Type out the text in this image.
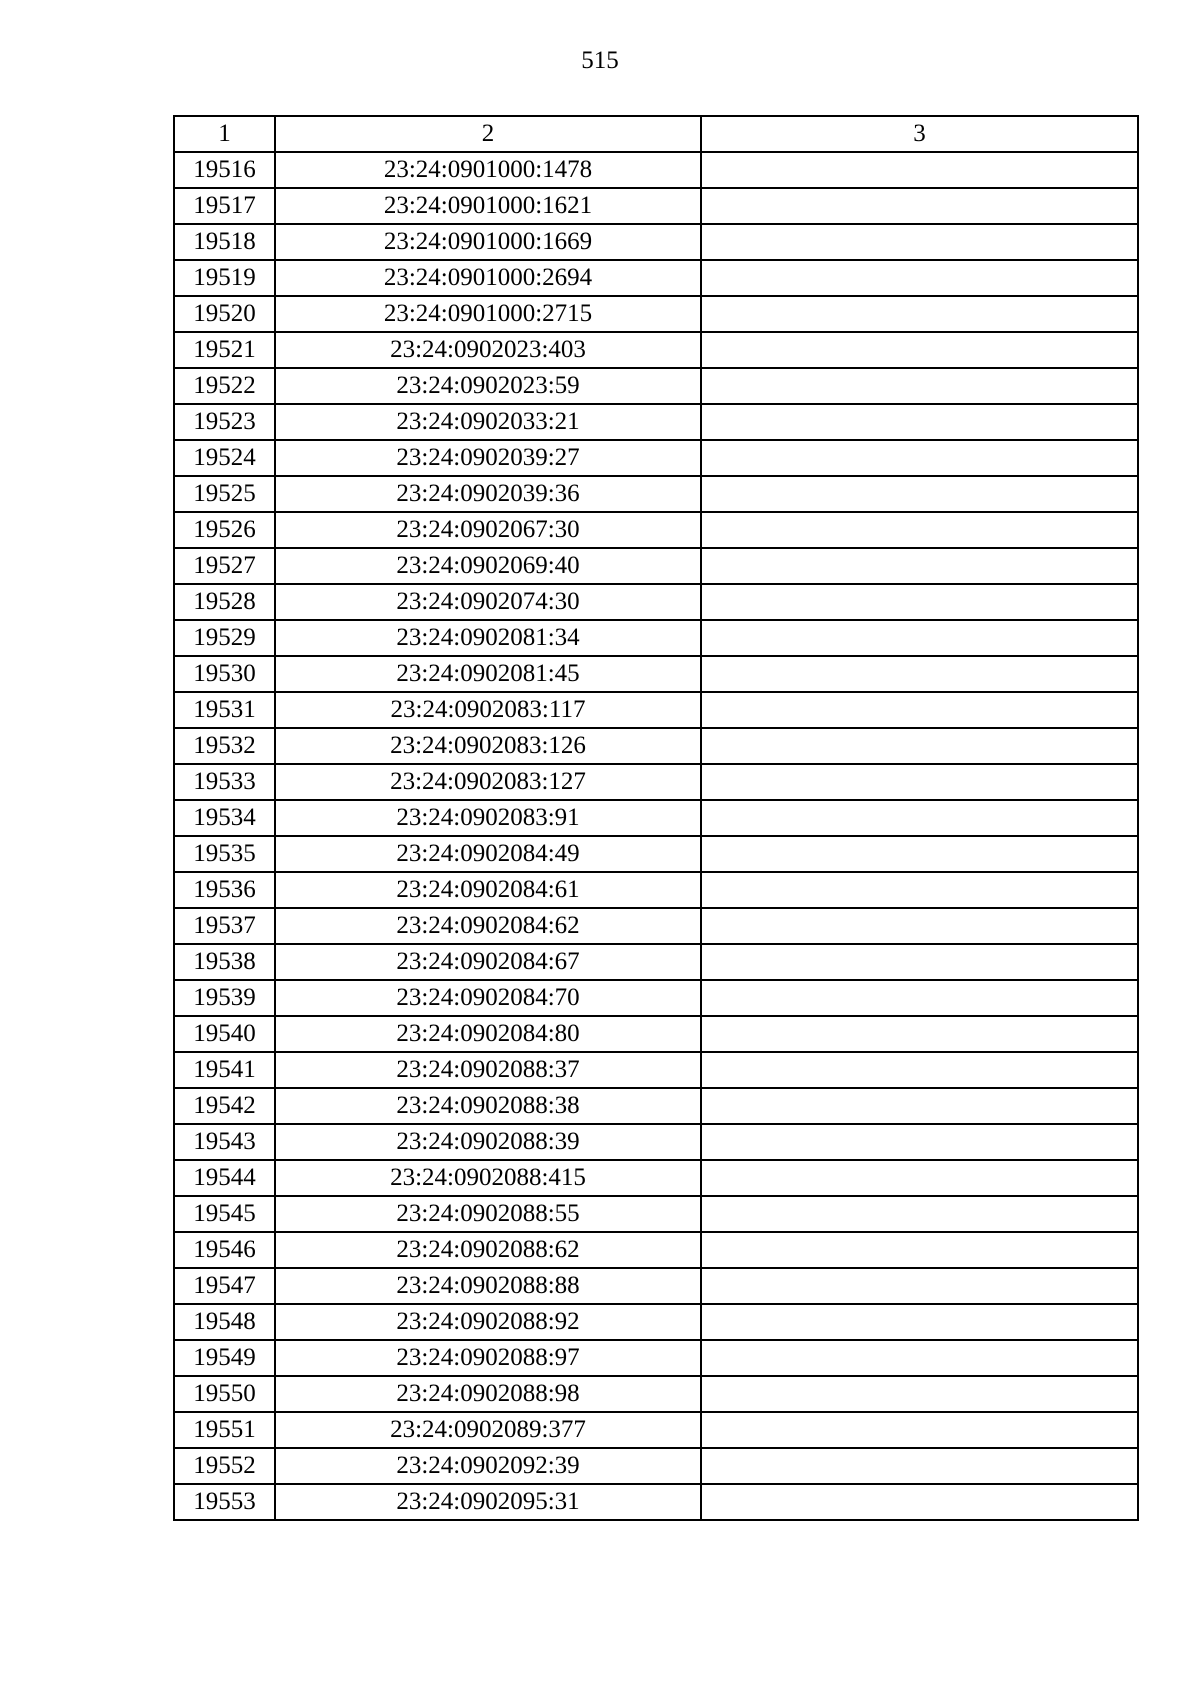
515
1	2	3
19516	23:24:0901000:1478	
19517	23:24:0901000:1621	
19518	23:24:0901000:1669	
19519	23:24:0901000:2694	
19520	23:24:0901000:2715	
19521	23:24:0902023:403	
19522	23:24:0902023:59	
19523	23:24:0902033:21	
19524	23:24:0902039:27	
19525	23:24:0902039:36	
19526	23:24:0902067:30	
19527	23:24:0902069:40	
19528	23:24:0902074:30	
19529	23:24:0902081:34	
19530	23:24:0902081:45	
19531	23:24:0902083:117	
19532	23:24:0902083:126	
19533	23:24:0902083:127	
19534	23:24:0902083:91	
19535	23:24:0902084:49	
19536	23:24:0902084:61	
19537	23:24:0902084:62	
19538	23:24:0902084:67	
19539	23:24:0902084:70	
19540	23:24:0902084:80	
19541	23:24:0902088:37	
19542	23:24:0902088:38	
19543	23:24:0902088:39	
19544	23:24:0902088:415	
19545	23:24:0902088:55	
19546	23:24:0902088:62	
19547	23:24:0902088:88	
19548	23:24:0902088:92	
19549	23:24:0902088:97	
19550	23:24:0902088:98	
19551	23:24:0902089:377	
19552	23:24:0902092:39	
19553	23:24:0902095:31	
